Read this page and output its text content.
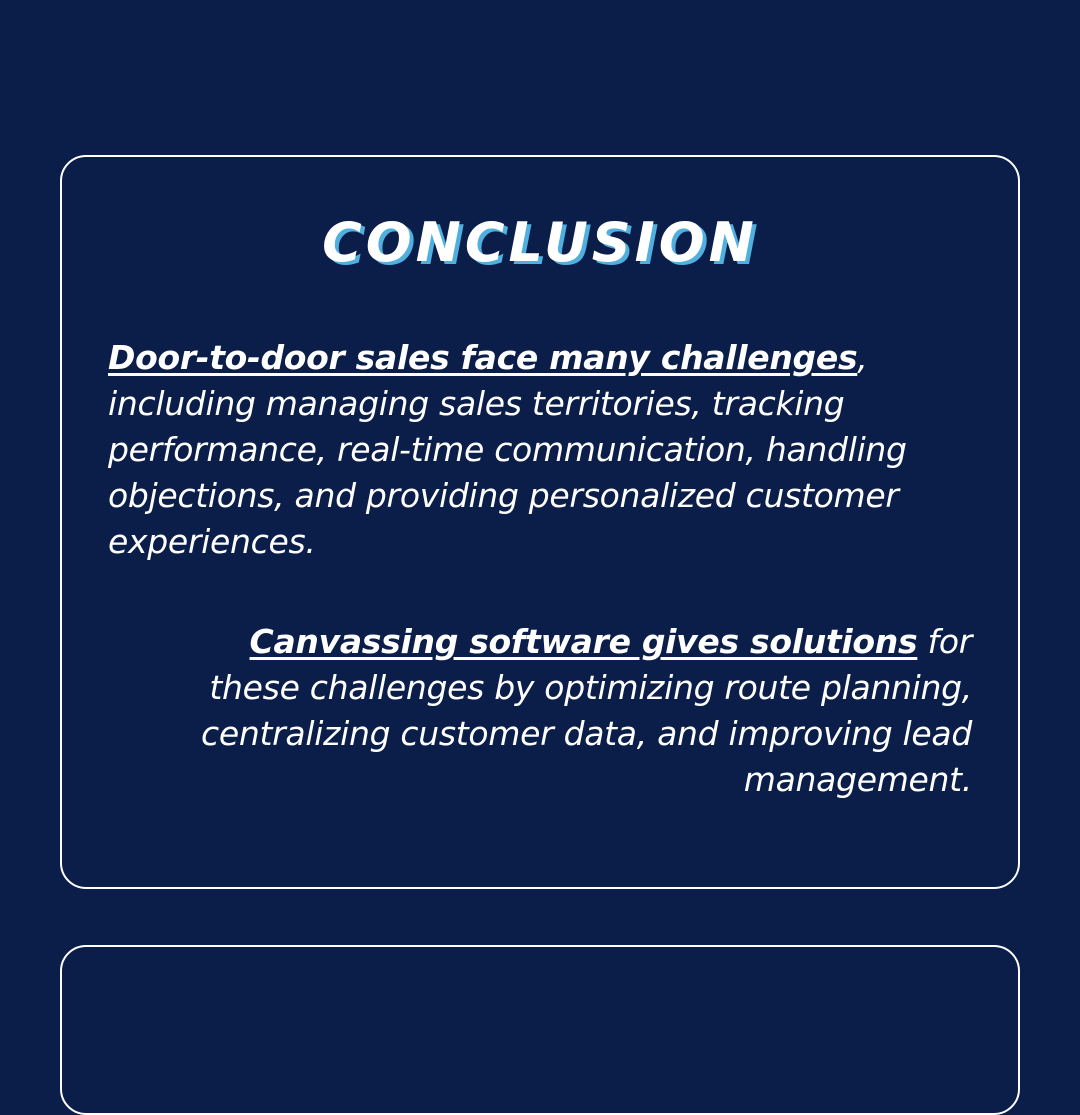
CONCLUSION

Door-to-door sales face many challenges, including managing sales territories, tracking performance, real-time communication, handling objections, and providing personalized customer experiences.

Canvassing software gives solutions for these challenges by optimizing route planning, centralizing customer data, and improving lead management.
